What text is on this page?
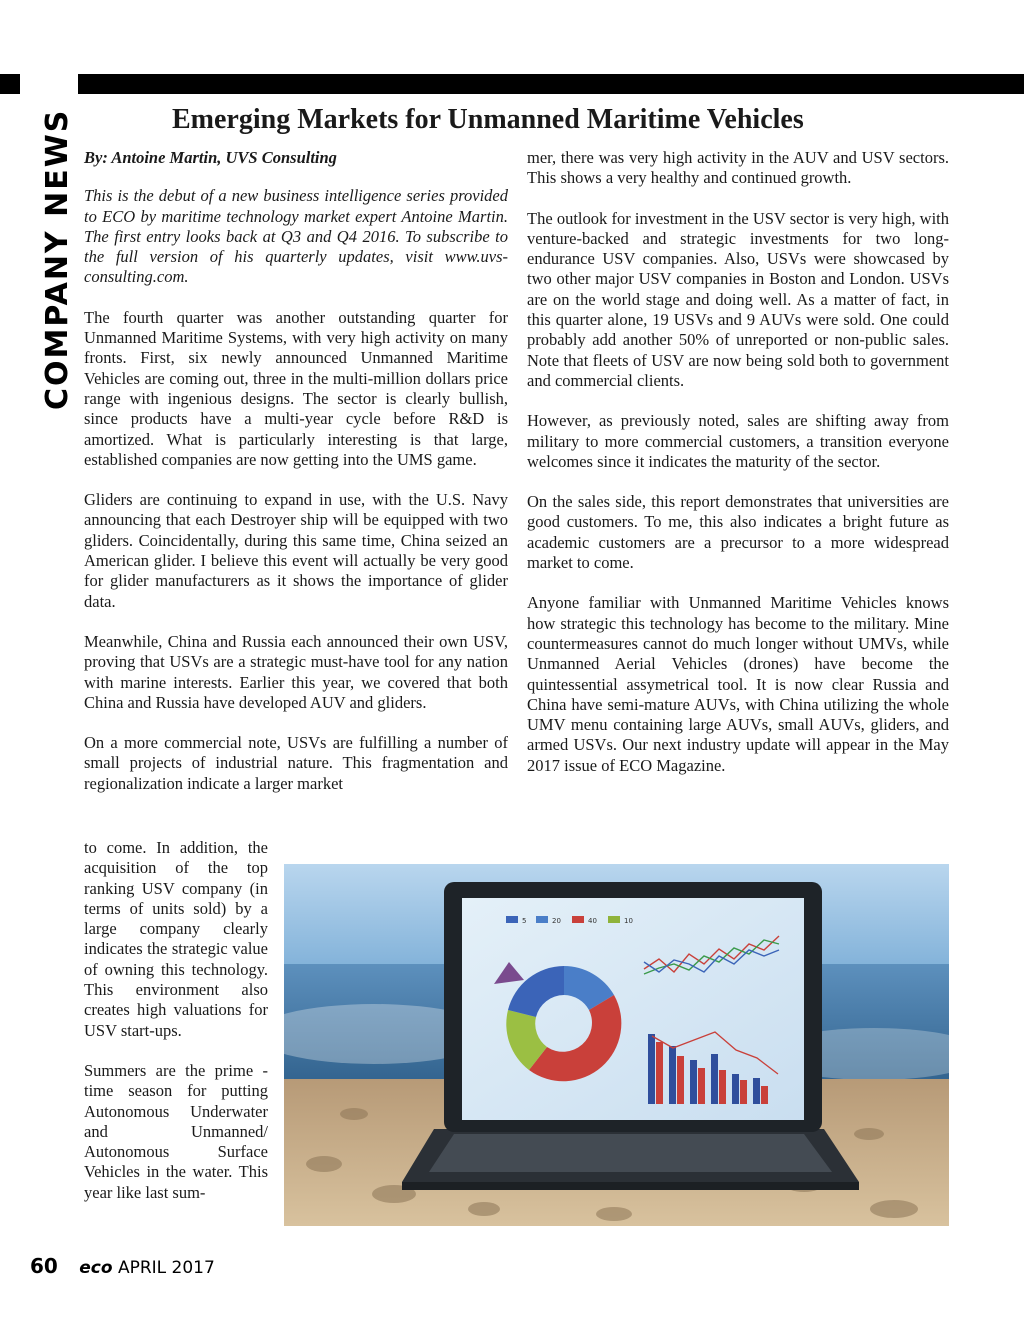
COMPANY NEWS	Emerging Markets for Unmanned Maritime Vehicles

By: Antoine Martin, UVS Consulting

This is the debut of a new business intelligence series provided to ECO by maritime technology market expert Antoine Martin. The first entry looks back at Q3 and Q4 2016. To subscribe to the full version of his quarterly updates, visit www.uvs-consulting.com.

The fourth quarter was another outstanding quarter for Unmanned Maritime Systems, with very high activity on many fronts. First, six newly announced Unmanned Maritime Vehicles are coming out, three in the multi-million dollars price range with ingenious designs. The sector is clearly bullish, since products have a multi-year cycle before R&D is amortized. What is particularly interesting is that large, established companies are now getting into the UMS game.

Gliders are continuing to expand in use, with the U.S. Navy announcing that each Destroyer ship will be equipped with two gliders. Coincidentally, during this same time, China seized an American glider. I believe this event will actually be very good for glider manufacturers as it shows the importance of glider data.

Meanwhile, China and Russia each announced their own USV, proving that USVs are a strategic must-have tool for any nation with marine interests. Earlier this year, we covered that both China and Russia have developed AUV and gliders.

On a more commercial note, USVs are fulfilling a number of small projects of industrial nature. This fragmentation and regionalization indicate a larger market

to come. In addition, the acquisition of the top ranking USV company (in terms of units sold) by a large company clearly indicates the strategic value of owning this technology. This environment also creates high valuations for USV start-ups.

Summers are the prime -time season for putting Autonomous Underwater and Unmanned/ Autonomous Surface Vehicles in the water. This year like last sum-

mer, there was very high activity in the AUV and USV sectors. This shows a very healthy and continued growth.

The outlook for investment in the USV sector is very high, with venture-backed and strategic investments for two long-endurance USV companies. Also, USVs were showcased by two other major USV companies in Boston and London. USVs are on the world stage and doing well. As a matter of fact, in this quarter alone, 19 USVs and 9 AUVs were sold. One could probably add another 50% of unreported or non-public sales. Note that fleets of USV are now being sold both to government and commercial clients.

However, as previously noted, sales are shifting away from military to more commercial customers, a transition everyone welcomes since it indicates the maturity of the sector.

On the sales side, this report demonstrates that universities are good customers. To me, this also indicates a bright future as academic customers are a precursor to a more widespread market to come.

Anyone familiar with Unmanned Maritime Vehicles knows how strategic this technology has become to the military. Mine countermeasures cannot do much longer without UMVs, while Unmanned Aerial Vehicles (drones) have become the quintessential assymetrical tool. It is now clear Russia and China have semi-mature AUVs, with China utilizing the whole UMV menu containing large AUVs, small AUVs, gliders, and armed USVs. Our next industry update will appear in the May 2017 issue of ECO Magazine.

5	20	40	10
60 eco APRIL 2017
